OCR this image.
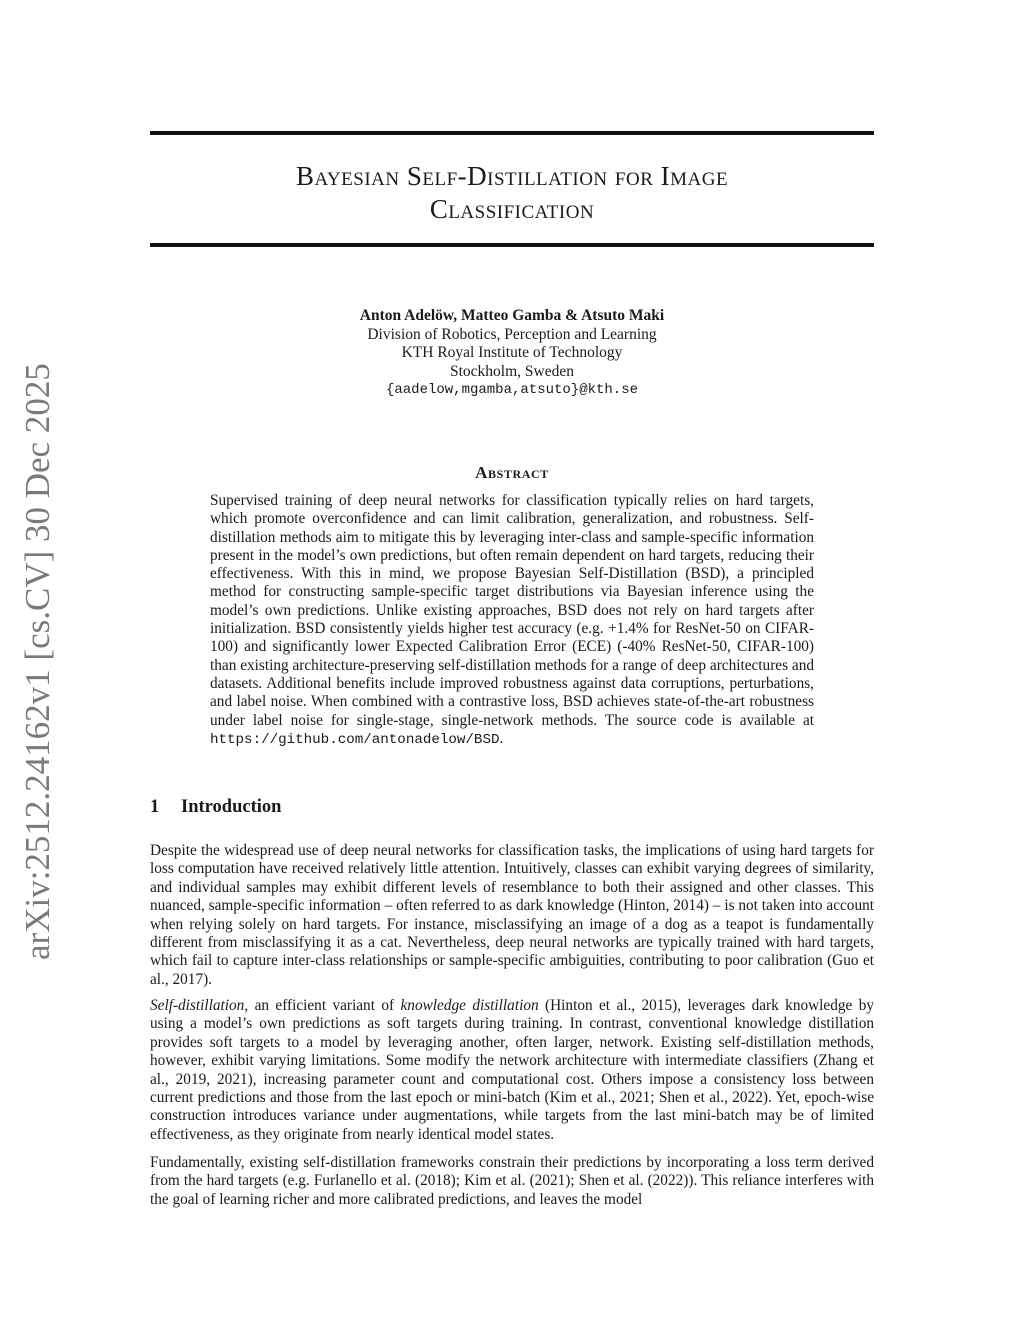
arXiv:2512.24162v1 [cs.CV] 30 Dec 2025
Bayesian Self-Distillation for Image
Classification
Anton Adelöw, Matteo Gamba & Atsuto Maki
Division of Robotics, Perception and Learning
KTH Royal Institute of Technology
Stockholm, Sweden
{aadelow,mgamba,atsuto}@kth.se
Abstract
Supervised training of deep neural networks for classification typically relies on hard targets, which promote overconfidence and can limit calibration, generalization, and robustness. Self-distillation methods aim to mitigate this by leveraging inter-class and sample-specific information present in the model’s own predictions, but often remain dependent on hard targets, reducing their effectiveness. With this in mind, we propose Bayesian Self-Distillation (BSD), a principled method for constructing sample-specific target distributions via Bayesian inference using the model’s own predictions. Unlike existing approaches, BSD does not rely on hard targets after initialization. BSD consistently yields higher test accuracy (e.g. +1.4% for ResNet-50 on CIFAR-100) and significantly lower Expected Calibration Error (ECE) (-40% ResNet-50, CIFAR-100) than existing architecture-preserving self-distillation methods for a range of deep architectures and datasets. Additional benefits include improved robustness against data corruptions, perturbations, and label noise. When combined with a contrastive loss, BSD achieves state-of-the-art robustness under label noise for single-stage, single-network methods. The source code is available at https://github.com/antonadelow/BSD.
1 Introduction
Despite the widespread use of deep neural networks for classification tasks, the implications of using hard targets for loss computation have received relatively little attention. Intuitively, classes can exhibit varying degrees of similarity, and individual samples may exhibit different levels of resemblance to both their assigned and other classes. This nuanced, sample-specific information – often referred to as dark knowledge (Hinton, 2014) – is not taken into account when relying solely on hard targets. For instance, misclassifying an image of a dog as a teapot is fundamentally different from misclassifying it as a cat. Nevertheless, deep neural networks are typically trained with hard targets, which fail to capture inter-class relationships or sample-specific ambiguities, contributing to poor calibration (Guo et al., 2017).
Self-distillation, an efficient variant of knowledge distillation (Hinton et al., 2015), leverages dark knowledge by using a model’s own predictions as soft targets during training. In contrast, conventional knowledge distillation provides soft targets to a model by leveraging another, often larger, network. Existing self-distillation methods, however, exhibit varying limitations. Some modify the network architecture with intermediate classifiers (Zhang et al., 2019, 2021), increasing parameter count and computational cost. Others impose a consistency loss between current predictions and those from the last epoch or mini-batch (Kim et al., 2021; Shen et al., 2022). Yet, epoch-wise construction introduces variance under augmentations, while targets from the last mini-batch may be of limited effectiveness, as they originate from nearly identical model states.
Fundamentally, existing self-distillation frameworks constrain their predictions by incorporating a loss term derived from the hard targets (e.g. Furlanello et al. (2018); Kim et al. (2021); Shen et al. (2022)). This reliance interferes with the goal of learning richer and more calibrated predictions, and leaves the model
